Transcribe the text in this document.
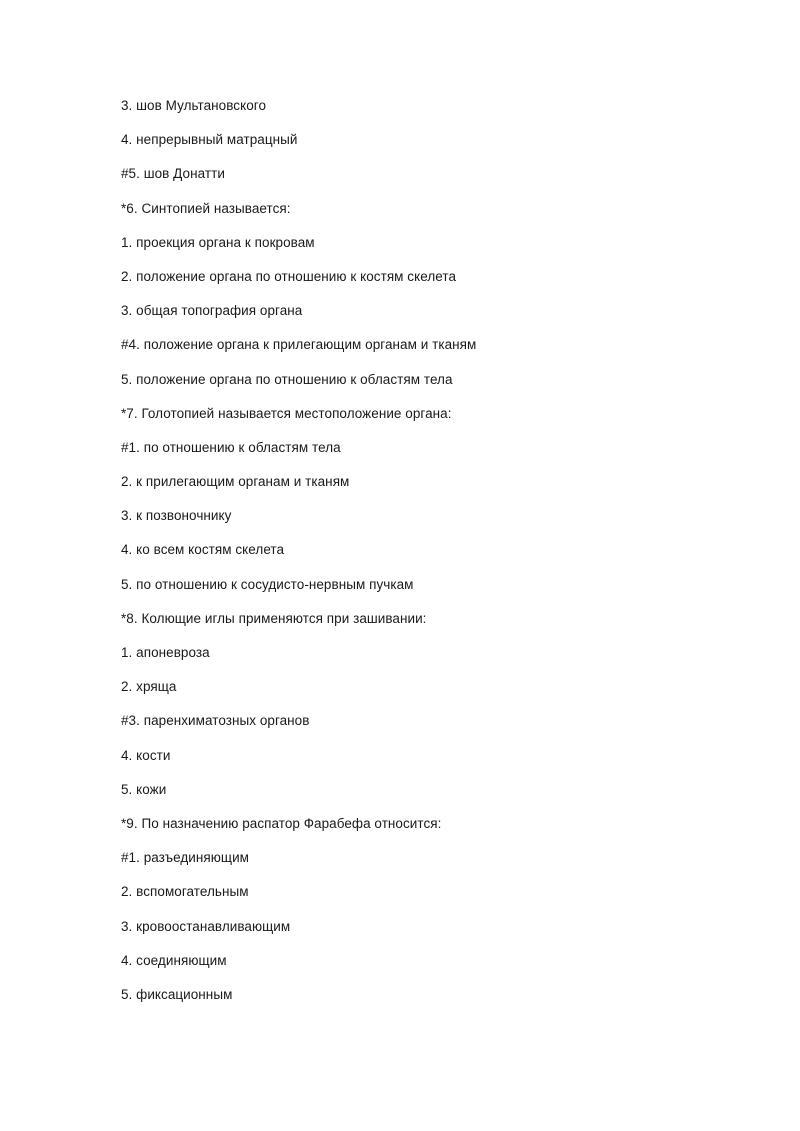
3. шов Мультановского
4. непрерывный матрацный
#5. шов Донатти
*6. Синтопией называется:
1. проекция органа к покровам
2. положение органа по отношению к костям скелета
3. общая топография органа
#4. положение органа к прилегающим органам и тканям
5. положение органа по отношению к областям тела
*7. Голотопией называется местоположение органа:
#1. по отношению к областям тела
2. к прилегающим органам и тканям
3. к позвоночнику
4. ко всем костям скелета
5. по отношению к сосудисто-нервным пучкам
*8. Колющие иглы применяются при зашивании:
1. апоневроза
2. хряща
#3. паренхиматозных органов
4. кости
5. кожи
*9. По назначению распатор Фарабефа относится:
#1. разъединяющим
2. вспомогательным
3. кровоостанавливающим
4. соединяющим
5. фиксационным
